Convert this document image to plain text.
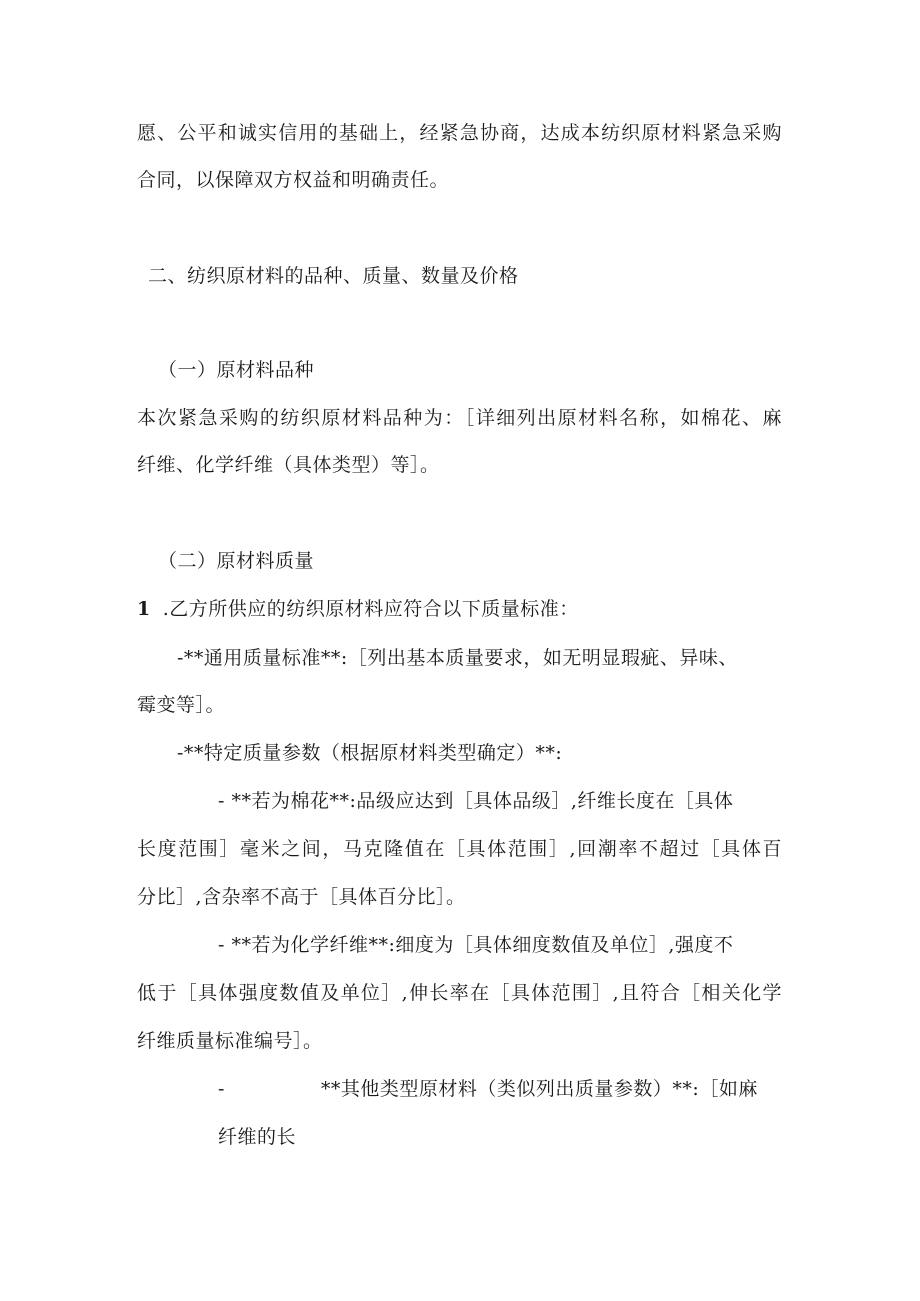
愿、公平和诚实信用的基础上，经紧急协商，达成本纺织原材料紧急采购

合同，以保障双方权益和明确责任。

二、纺织原材料的品种、质量、数量及价格

（一）原材料品种

本次紧急采购的纺织原材料品种为：［详细列出原材料名称，如棉花、麻

纤维、化学纤维（具体类型）等］。

（二）原材料质量

1 .乙方所供应的纺织原材料应符合以下质量标准：

-**通用质量标准**:［列出基本质量要求，如无明显瑕疵、异味、

霉变等］。

-**特定质量参数（根据原材料类型确定）**:

- **若为棉花**:品级应达到［具体品级］,纤维长度在［具体

长度范围］毫米之间，马克隆值在［具体范围］,回潮率不超过［具体百

分比］,含杂率不高于［具体百分比］。

- **若为化学纤维**:细度为［具体细度数值及单位］,强度不

低于［具体强度数值及单位］,伸长率在［具体范围］,且符合［相关化学

纤维质量标准编号］。

-	**其他类型原材料（类似列出质量参数）**:［如麻

纤维的长
